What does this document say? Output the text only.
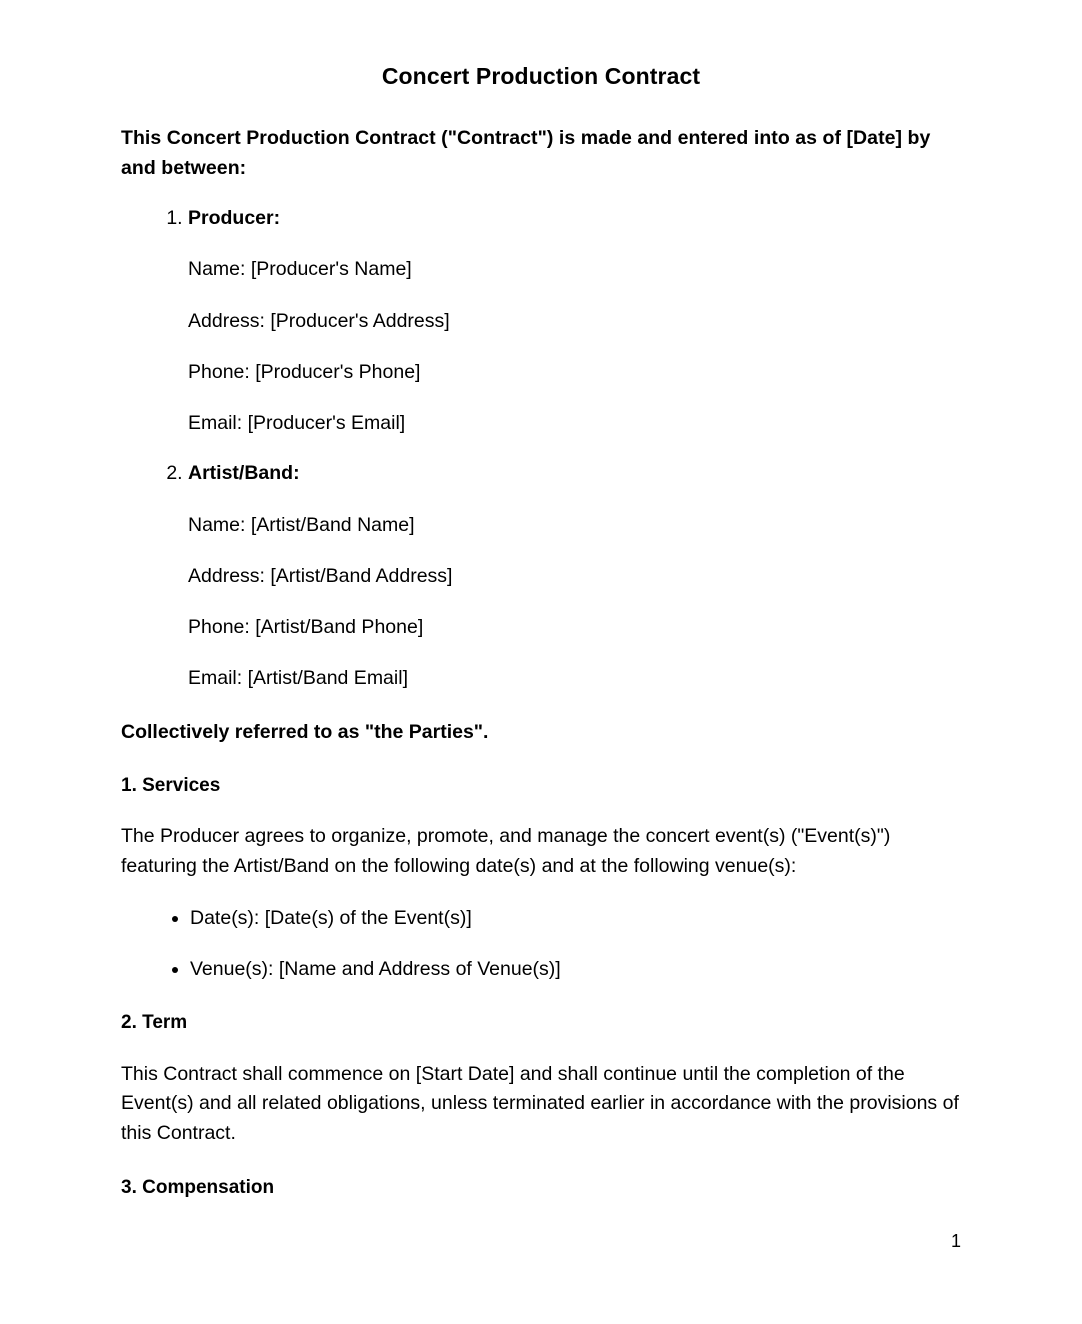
Concert Production Contract

This Concert Production Contract ("Contract") is made and entered into as of [Date] by and between:

1. Producer:
Name: [Producer's Name]
Address: [Producer's Address]
Phone: [Producer's Phone]
Email: [Producer's Email]
2. Artist/Band:
Name: [Artist/Band Name]
Address: [Artist/Band Address]
Phone: [Artist/Band Phone]
Email: [Artist/Band Email]

Collectively referred to as "the Parties".

1. Services

The Producer agrees to organize, promote, and manage the concert event(s) ("Event(s)") featuring the Artist/Band on the following date(s) and at the following venue(s):

• Date(s): [Date(s) of the Event(s)]
• Venue(s): [Name and Address of Venue(s)]
2. Term

This Contract shall commence on [Start Date] and shall continue until the completion of the Event(s) and all related obligations, unless terminated earlier in accordance with the provisions of this Contract.

3. Compensation
1
